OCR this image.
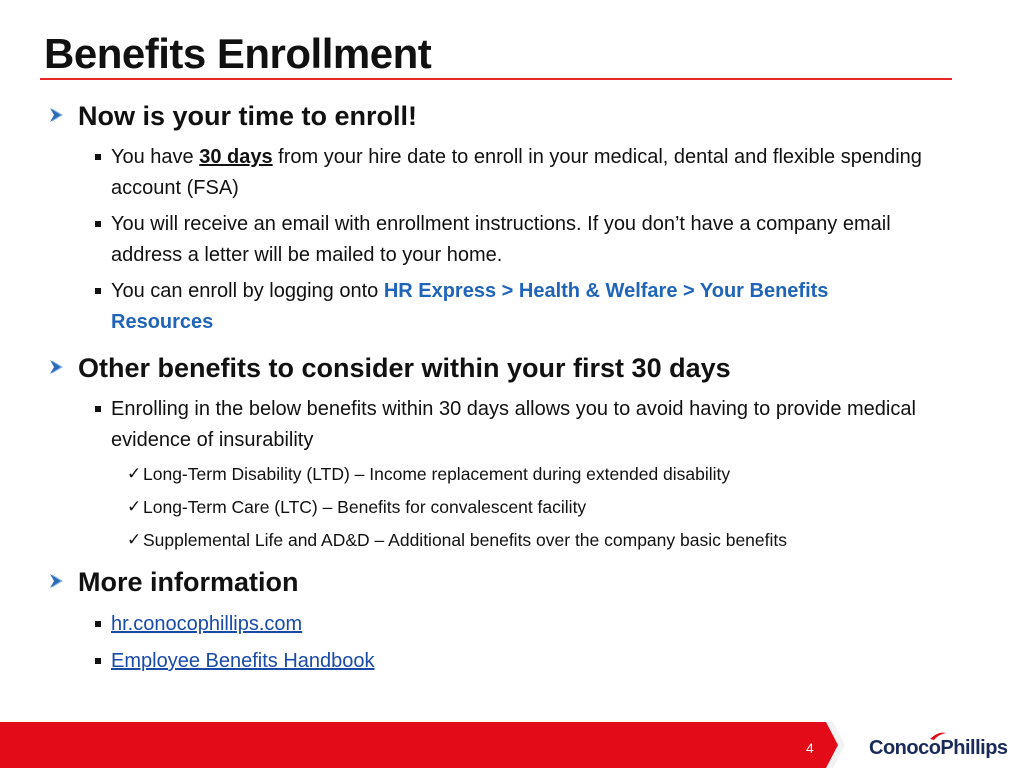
Benefits Enrollment
Now is your time to enroll!
You have 30 days from your hire date to enroll in your medical, dental and flexible spending account (FSA)
You will receive an email with enrollment instructions. If you don’t have a company email address a letter will be mailed to your home.
You can enroll by logging onto HR Express > Health & Welfare > Your Benefits Resources
Other benefits to consider within your first 30 days
Enrolling in the below benefits within 30 days allows you to avoid having to provide medical evidence of insurability
✓ Long-Term Disability (LTD) – Income replacement during extended disability
✓ Long-Term Care (LTC) – Benefits for convalescent facility
✓ Supplemental Life and AD&D – Additional benefits over the company basic benefits
More information
hr.conocophillips.com
Employee Benefits Handbook
4	ConocoPhillips
